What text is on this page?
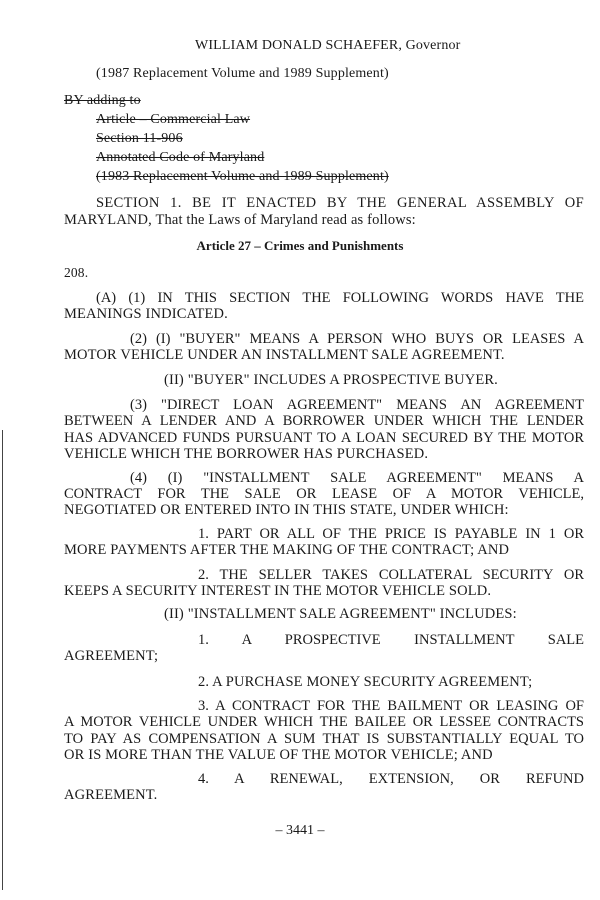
WILLIAM DONALD SCHAEFER, Governor
(1987 Replacement Volume and 1989 Supplement)
BY adding to
Article – Commercial Law
Section 11-906
Annotated Code of Maryland
(1983 Replacement Volume and 1989 Supplement)
SECTION 1. BE IT ENACTED BY THE GENERAL ASSEMBLY OF
MARYLAND, That the Laws of Maryland read as follows:
Article 27 – Crimes and Punishments
208.
(A) (1) IN THIS SECTION THE FOLLOWING WORDS HAVE THE
MEANINGS INDICATED.
(2) (I) "BUYER" MEANS A PERSON WHO BUYS OR LEASES A
MOTOR VEHICLE UNDER AN INSTALLMENT SALE AGREEMENT.
(II) "BUYER" INCLUDES A PROSPECTIVE BUYER.
(3) "DIRECT LOAN AGREEMENT" MEANS AN AGREEMENT
BETWEEN A LENDER AND A BORROWER UNDER WHICH THE LENDER
HAS ADVANCED FUNDS PURSUANT TO A LOAN SECURED BY THE MOTOR
VEHICLE WHICH THE BORROWER HAS PURCHASED.
(4) (I) "INSTALLMENT SALE AGREEMENT" MEANS A
CONTRACT FOR THE SALE OR LEASE OF A MOTOR VEHICLE,
NEGOTIATED OR ENTERED INTO IN THIS STATE, UNDER WHICH:
1. PART OR ALL OF THE PRICE IS PAYABLE IN 1 OR
MORE PAYMENTS AFTER THE MAKING OF THE CONTRACT; AND
2. THE SELLER TAKES COLLATERAL SECURITY OR
KEEPS A SECURITY INTEREST IN THE MOTOR VEHICLE SOLD.
(II) "INSTALLMENT SALE AGREEMENT" INCLUDES:
1. A PROSPECTIVE INSTALLMENT SALE
AGREEMENT;
2. A PURCHASE MONEY SECURITY AGREEMENT;
3. A CONTRACT FOR THE BAILMENT OR LEASING OF
A MOTOR VEHICLE UNDER WHICH THE BAILEE OR LESSEE CONTRACTS
TO PAY AS COMPENSATION A SUM THAT IS SUBSTANTIALLY EQUAL TO
OR IS MORE THAN THE VALUE OF THE MOTOR VEHICLE; AND
4. A RENEWAL, EXTENSION, OR REFUND
AGREEMENT.
– 3441 –
